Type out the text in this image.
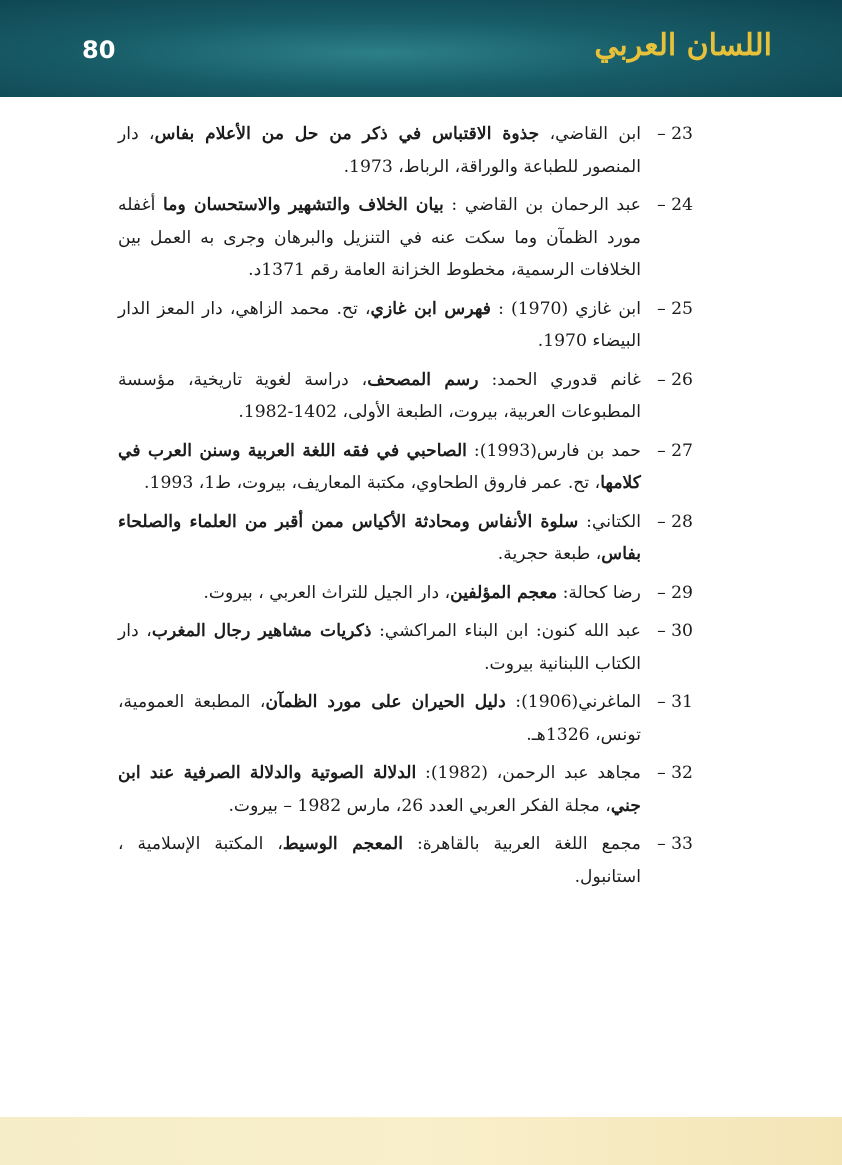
80	اللسان العربي
23 –
ابن القاضي، جذوة الاقتباس في ذكر من حل من الأعلام بفاس، دار المنصور للطباعة والوراقة، الرباط، 1973.
24 –
عبد الرحمان بن القاضي : بيان الخلاف والتشهير والاستحسان وما أغفله مورد الظمآن وما سكت عنه في التنزيل والبرهان وجرى به العمل بين الخلافات الرسمية، مخطوط الخزانة العامة رقم 1371د.
25 –
ابن غازي (1970) : فهرس ابن غازي، تح. محمد الزاهي، دار المعز الدار البيضاء 1970.
26 –
غانم قدوري الحمد: رسم المصحف، دراسة لغوية تاريخية، مؤسسة المطبوعات العربية، بيروت، الطبعة الأولى، 1402-1982.
27 –
حمد بن فارس(1993): الصاحبي في فقه اللغة العربية وسنن العرب في كلامها، تح. عمر فاروق الطحاوي، مكتبة المعاريف، بيروت، ط1، 1993.
28 –
الكتاني: سلوة الأنفاس ومحادثة الأكياس ممن أقبر من العلماء والصلحاء بفاس، طبعة حجرية.
29 –
رضا كحالة: معجم المؤلفين، دار الجيل للتراث العربي ، بيروت.
30 –
عبد الله كنون: ابن البناء المراكشي: ذكريات مشاهير رجال المغرب، دار الكتاب اللبنانية بيروت.
31 –
الماغرني(1906): دليل الحيران على مورد الظمآن، المطبعة العمومية، تونس، 1326هـ.
32 –
مجاهد عبد الرحمن، (1982): الدلالة الصوتية والدلالة الصرفية عند ابن جني، مجلة الفكر العربي العدد 26، مارس 1982 – بيروت.
33 –
مجمع اللغة العربية بالقاهرة: المعجم الوسيط، المكتبة الإسلامية ، استانبول.
